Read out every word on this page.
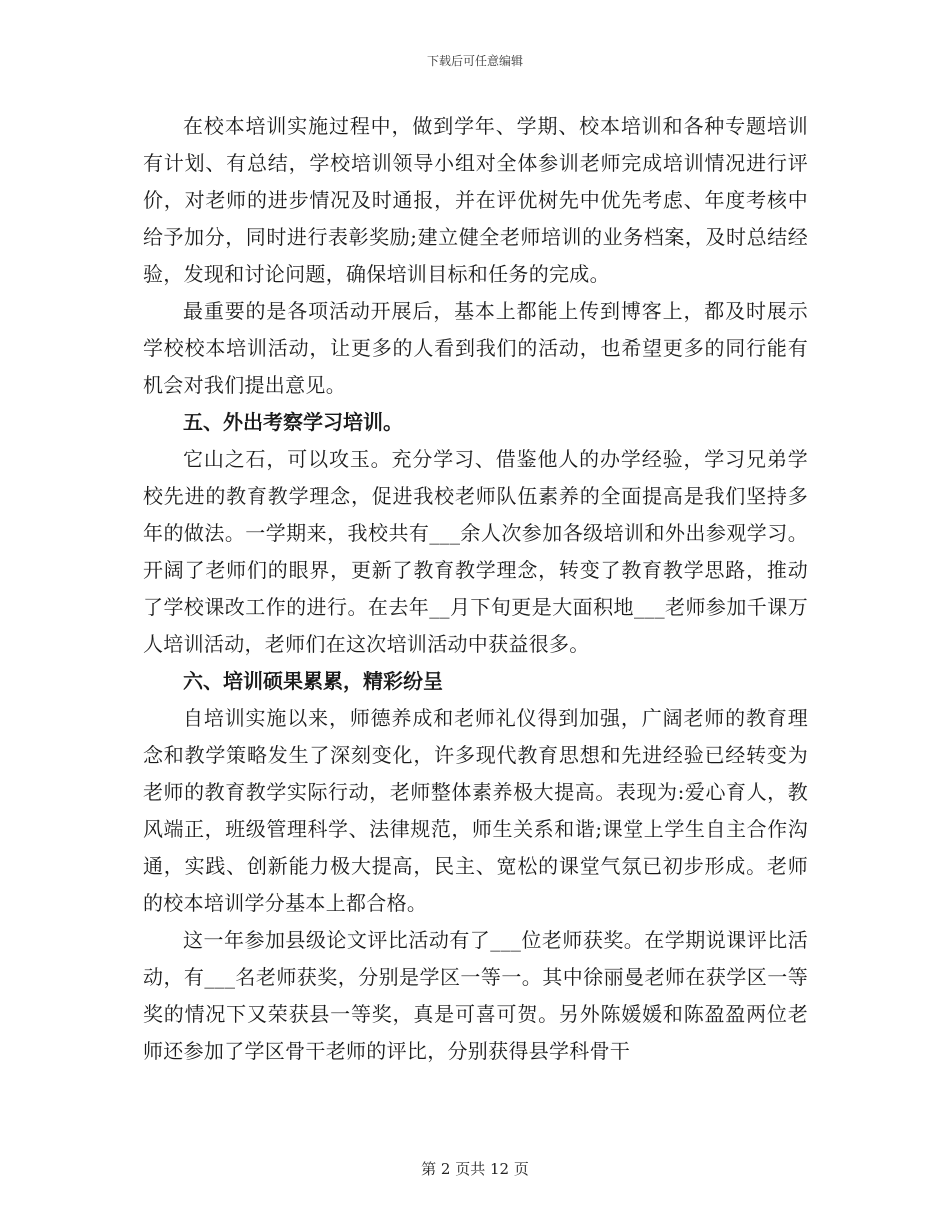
下载后可任意编辑

在校本培训实施过程中，做到学年、学期、校本培训和各种专题培训有计划、有总结，学校培训领导小组对全体参训老师完成培训情况进行评价，对老师的进步情况及时通报，并在评优树先中优先考虑、年度考核中给予加分，同时进行表彰奖励;建立健全老师培训的业务档案，及时总结经验，发现和讨论问题，确保培训目标和任务的完成。

最重要的是各项活动开展后，基本上都能上传到博客上，都及时展示学校校本培训活动，让更多的人看到我们的活动，也希望更多的同行能有机会对我们提出意见。

五、外出考察学习培训。

它山之石，可以攻玉。充分学习、借鉴他人的办学经验，学习兄弟学校先进的教育教学理念，促进我校老师队伍素养的全面提高是我们坚持多年的做法。一学期来，我校共有___余人次参加各级培训和外出参观学习。开阔了老师们的眼界，更新了教育教学理念，转变了教育教学思路，推动了学校课改工作的进行。在去年__月下旬更是大面积地___老师参加千课万人培训活动，老师们在这次培训活动中获益很多。

六、培训硕果累累，精彩纷呈

自培训实施以来，师德养成和老师礼仪得到加强，广阔老师的教育理念和教学策略发生了深刻变化，许多现代教育思想和先进经验已经转变为老师的教育教学实际行动，老师整体素养极大提高。表现为:爱心育人，教风端正，班级管理科学、法律规范，师生关系和谐;课堂上学生自主合作沟通，实践、创新能力极大提高，民主、宽松的课堂气氛已初步形成。老师的校本培训学分基本上都合格。

这一年参加县级论文评比活动有了___位老师获奖。在学期说课评比活动，有___名老师获奖，分别是学区一等一。其中徐丽曼老师在获学区一等奖的情况下又荣获县一等奖，真是可喜可贺。另外陈媛媛和陈盈盈两位老师还参加了学区骨干老师的评比，分别获得县学科骨干

第 2 页共 12 页
